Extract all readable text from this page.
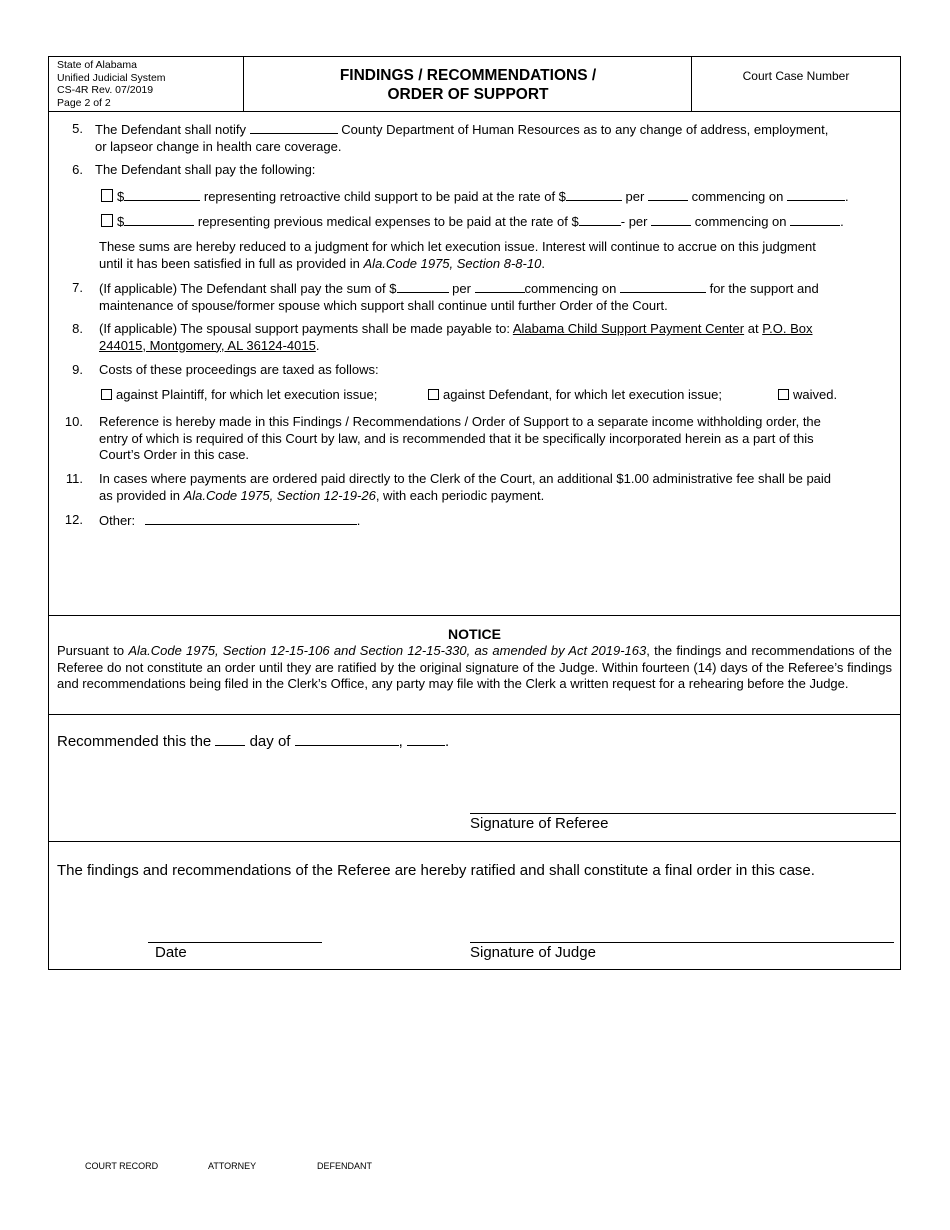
State of Alabama
Unified Judicial System
CS-4R Rev. 07/2019
Page 2 of 2
FINDINGS / RECOMMENDATIONS /
ORDER OF SUPPORT
Court Case Number
5. The Defendant shall notify	County Department of Human Resources as to any change of address, employment,
or lapseor change in health care coverage.
6. The Defendant shall pay the following:
$	representing retroactive child support to be paid at the rate of $	per	commencing on	.
$	representing previous medical expenses to be paid at the rate of $	- per	commencing on	.
These sums are hereby reduced to a judgment for which let execution issue. Interest will continue to accrue on this judgment
until it has been satisfied in full as provided in Ala.Code 1975, Section 8-8-10.
7. (If applicable) The Defendant shall pay the sum of $	per	commencing on	for the support and
maintenance of spouse/former spouse which support shall continue until further Order of the Court.
8. (If applicable) The spousal support payments shall be made payable to: Alabama Child Support Payment Center at P.O. Box
244015, Montgomery, AL 36124-4015.
9. Costs of these proceedings are taxed as follows:
against Plaintiff, for which let execution issue;	against Defendant, for which let execution issue;	waived.
10. Reference is hereby made in this Findings / Recommendations / Order of Support to a separate income withholding order, the
entry of which is required of this Court by law, and is recommended that it be specifically incorporated herein as a part of this
Court’s Order in this case.
11. In cases where payments are ordered paid directly to the Clerk of the Court, an additional $1.00 administrative fee shall be paid
as provided in Ala.Code 1975, Section 12-19-26, with each periodic payment.
12. Other:	.
NOTICE
Pursuant to Ala.Code 1975, Section 12-15-106 and Section 12-15-330, as amended by Act 2019-163, the findings and recommendations of the Referee do not constitute an order until they are ratified by the original signature of the Judge. Within fourteen (14) days of the Referee’s findings and recommendations being filed in the Clerk’s Office, any party may file with the Clerk a written request for a rehearing before the Judge.
Recommended this the	day of	,	.
Signature of Referee
The findings and recommendations of the Referee are hereby ratified and shall constitute a final order in this case.
Date	Signature of Judge
COURT RECORD	ATTORNEY	DEFENDANT
